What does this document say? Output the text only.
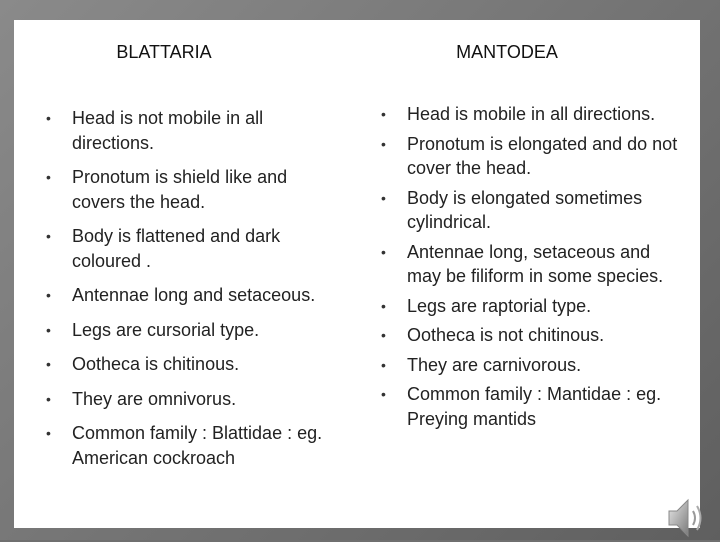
BLATTARIA
• Head is not mobile in all directions.
• Pronotum is shield like and covers the head.
• Body is flattened and dark coloured .
• Antennae long and setaceous.
• Legs are cursorial type.
• Ootheca is chitinous.
• They are omnivorus.
• Common family : Blattidae : eg. American cockroach
MANTODEA
• Head is mobile in all directions.
• Pronotum is elongated and do not cover the head.
• Body is elongated sometimes cylindrical.
• Antennae long, setaceous and may be filiform in some species.
• Legs are raptorial type.
• Ootheca is not chitinous.
• They are carnivorous.
• Common family : Mantidae : eg. Preying mantids
